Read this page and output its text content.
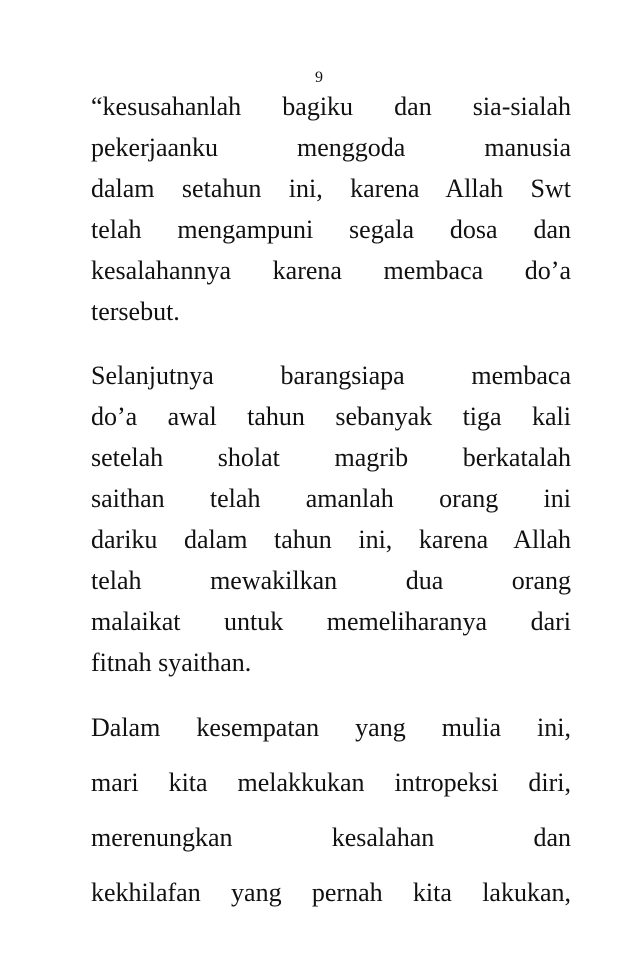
9

“kesusahanlah bagiku dan sia-sialah
pekerjaanku menggoda manusia
dalam setahun ini, karena Allah Swt
telah mengampuni segala dosa dan
kesalahannya karena membaca do’a
tersebut.

Selanjutnya barangsiapa membaca
do’a awal tahun sebanyak tiga kali
setelah sholat magrib berkatalah
saithan telah amanlah orang ini
dariku dalam tahun ini, karena Allah
telah mewakilkan dua orang
malaikat untuk memeliharanya dari
fitnah syaithan.

Dalam kesempatan yang mulia ini,
mari kita melakkukan intropeksi diri,
merenungkan kesalahan dan
kekhilafan yang pernah kita lakukan,
